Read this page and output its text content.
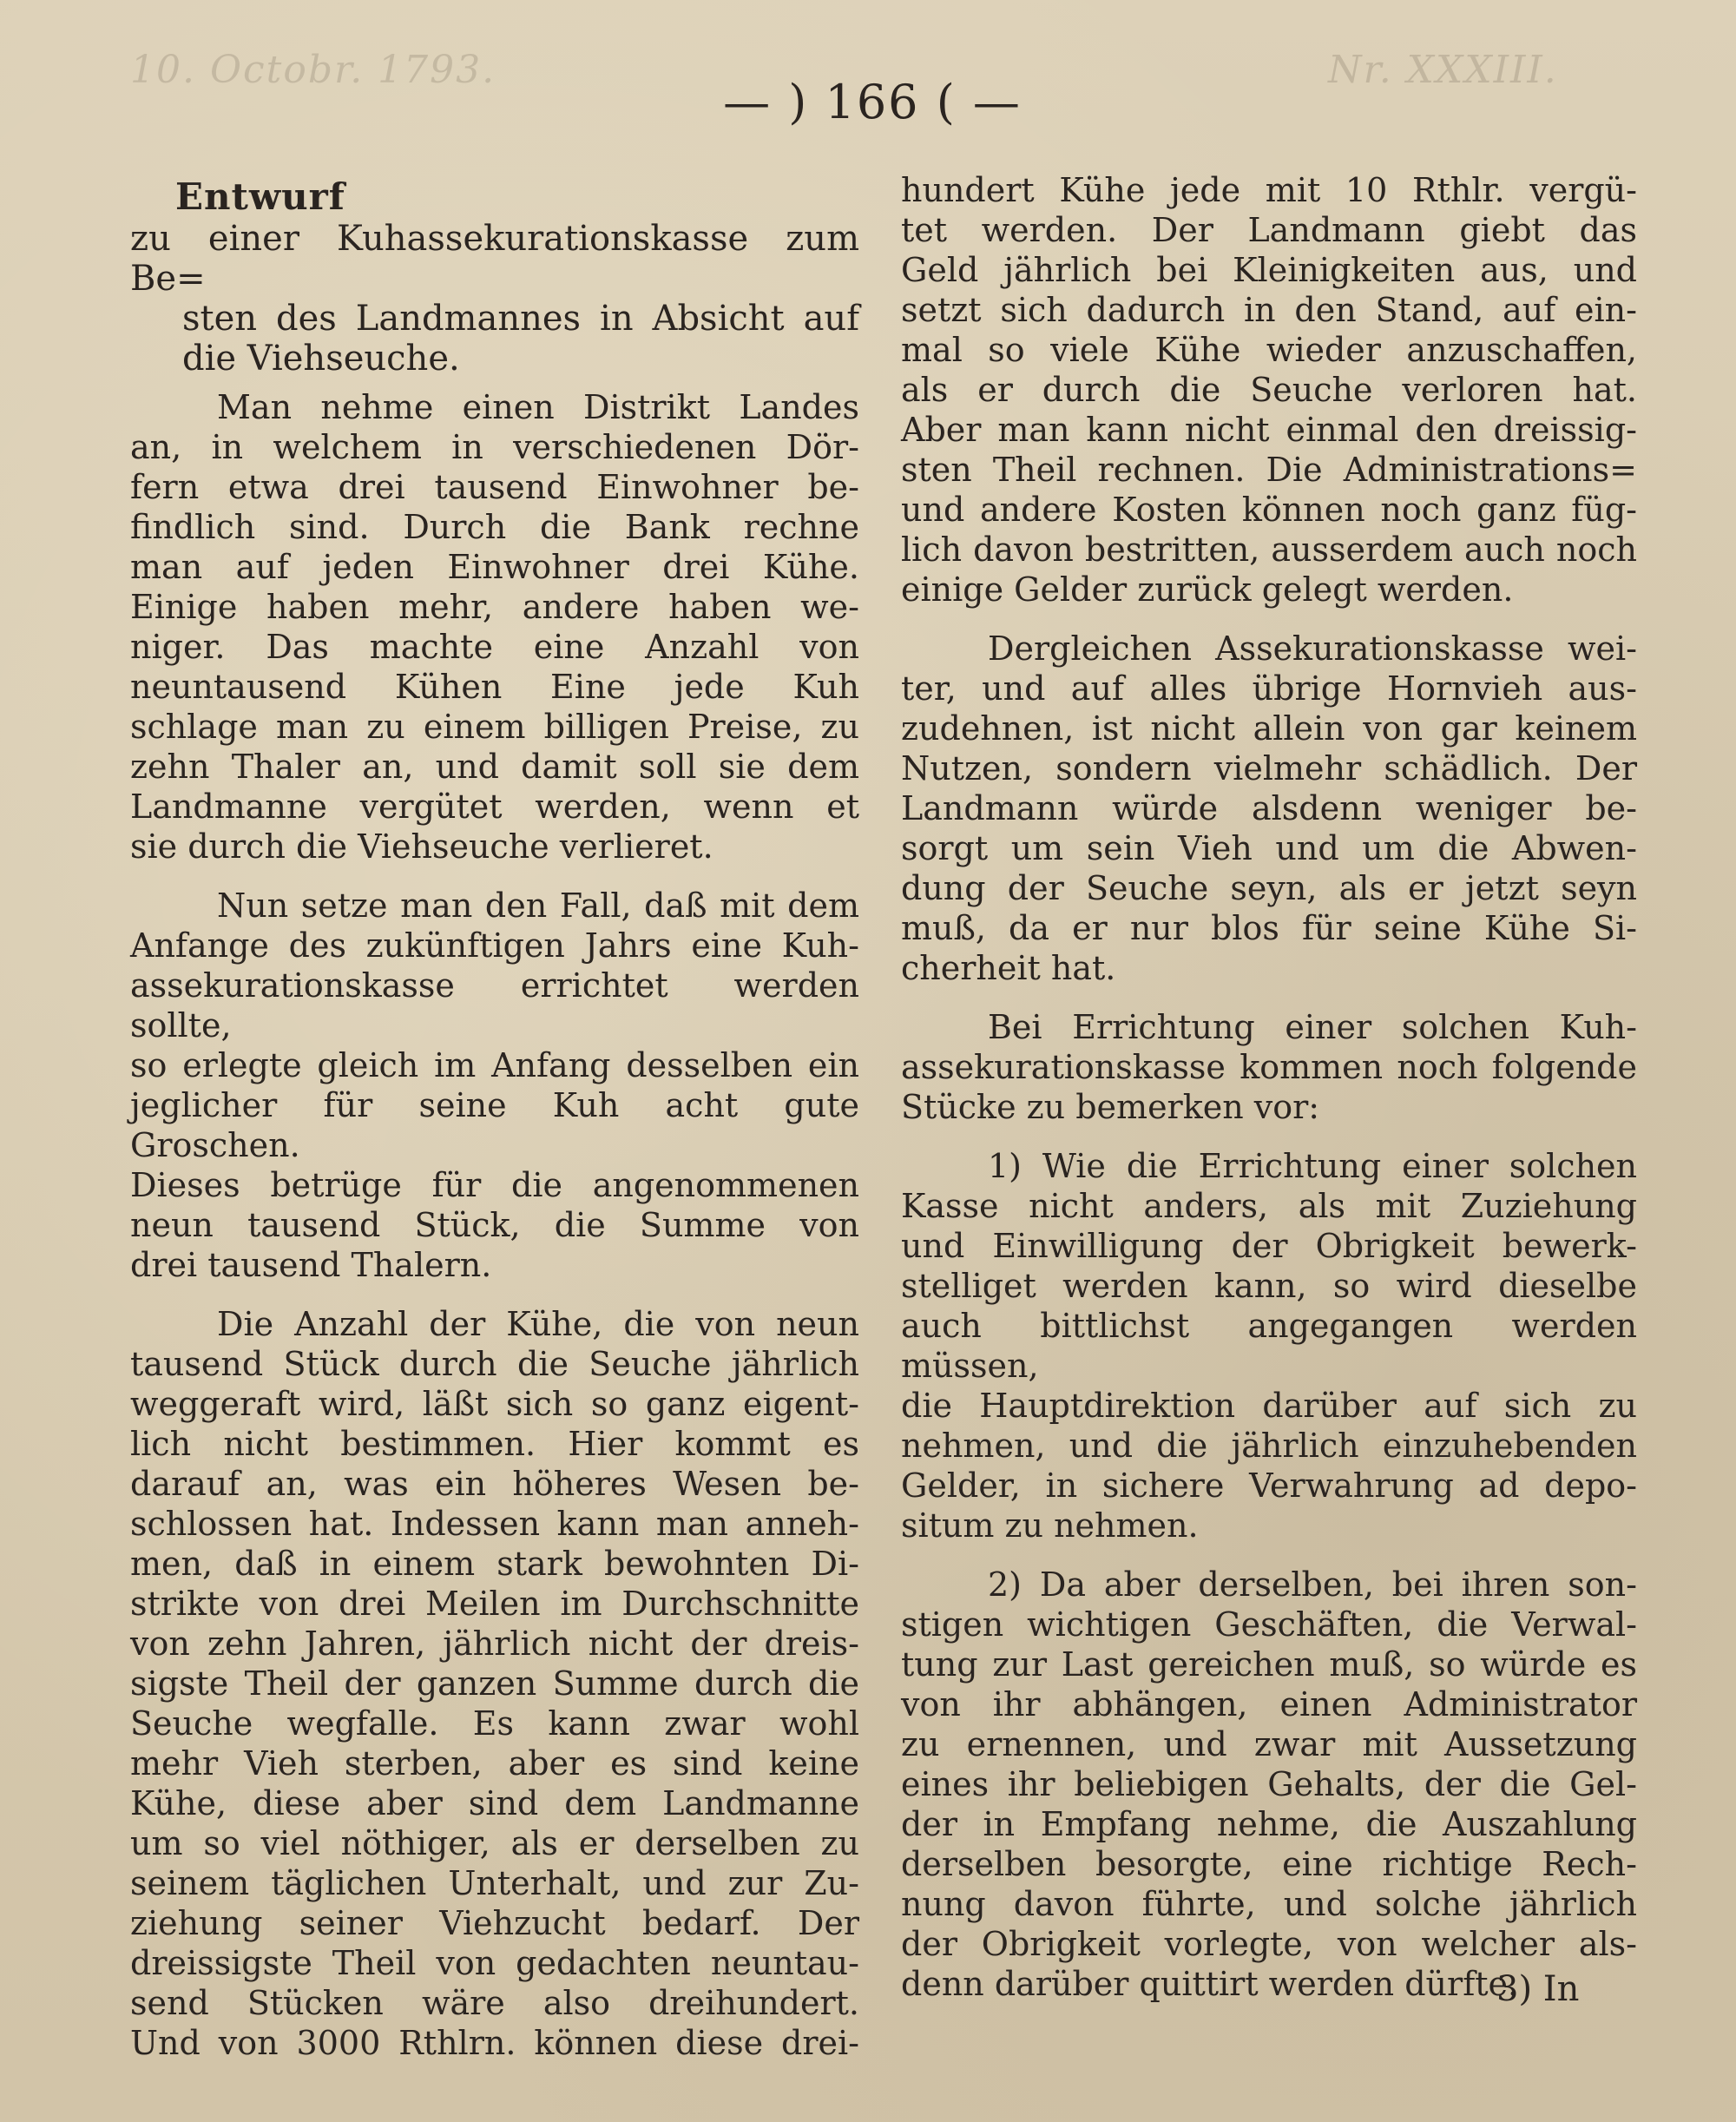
10. Octobr. 1793.	Nr. XXXIII.
— ) 166 ( —
Entwurf
zu einer Kuhassekurationskasse zum Be=
sten des Landmannes in Absicht auf
die Viehseuche.
Man nehme einen Distrikt Landes
an, in welchem in verschiedenen Dör-
fern etwa drei tausend Einwohner be-
findlich sind. Durch die Bank rechne
man auf jeden Einwohner drei Kühe.
Einige haben mehr, andere haben we-
niger. Das machte eine Anzahl von
neuntausend Kühen Eine jede Kuh
schlage man zu einem billigen Preise, zu
zehn Thaler an, und damit soll sie dem
Landmanne vergütet werden, wenn et
sie durch die Viehseuche verlieret.
Nun setze man den Fall, daß mit dem
Anfange des zukünftigen Jahrs eine Kuh-
assekurationskasse errichtet werden sollte,
so erlegte gleich im Anfang desselben ein
jeglicher für seine Kuh acht gute Groschen.
Dieses betrüge für die angenommenen
neun tausend Stück, die Summe von
drei tausend Thalern.
Die Anzahl der Kühe, die von neun
tausend Stück durch die Seuche jährlich
weggeraft wird, läßt sich so ganz eigent-
lich nicht bestimmen. Hier kommt es
darauf an, was ein höheres Wesen be-
schlossen hat. Indessen kann man anneh-
men, daß in einem stark bewohnten Di-
strikte von drei Meilen im Durchschnitte
von zehn Jahren, jährlich nicht der dreis-
sigste Theil der ganzen Summe durch die
Seuche wegfalle. Es kann zwar wohl
mehr Vieh sterben, aber es sind keine
Kühe, diese aber sind dem Landmanne
um so viel nöthiger, als er derselben zu
seinem täglichen Unterhalt, und zur Zu-
ziehung seiner Viehzucht bedarf. Der
dreissigste Theil von gedachten neuntau-
send Stücken wäre also dreihundert.
Und von 3000 Rthlrn. können diese drei-
hundert Kühe jede mit 10 Rthlr. vergü-
tet werden. Der Landmann giebt das
Geld jährlich bei Kleinigkeiten aus, und
setzt sich dadurch in den Stand, auf ein-
mal so viele Kühe wieder anzuschaffen,
als er durch die Seuche verloren hat.
Aber man kann nicht einmal den dreissig-
sten Theil rechnen. Die Administrations=
und andere Kosten können noch ganz füg-
lich davon bestritten, ausserdem auch noch
einige Gelder zurück gelegt werden.
Dergleichen Assekurationskasse wei-
ter, und auf alles übrige Hornvieh aus-
zudehnen, ist nicht allein von gar keinem
Nutzen, sondern vielmehr schädlich. Der
Landmann würde alsdenn weniger be-
sorgt um sein Vieh und um die Abwen-
dung der Seuche seyn, als er jetzt seyn
muß, da er nur blos für seine Kühe Si-
cherheit hat.
Bei Errichtung einer solchen Kuh-
assekurationskasse kommen noch folgende
Stücke zu bemerken vor:
1) Wie die Errichtung einer solchen
Kasse nicht anders, als mit Zuziehung
und Einwilligung der Obrigkeit bewerk-
stelliget werden kann, so wird dieselbe
auch bittlichst angegangen werden müssen,
die Hauptdirektion darüber auf sich zu
nehmen, und die jährlich einzuhebenden
Gelder, in sichere Verwahrung ad depo-
situm zu nehmen.
2) Da aber derselben, bei ihren son-
stigen wichtigen Geschäften, die Verwal-
tung zur Last gereichen muß, so würde es
von ihr abhängen, einen Administrator
zu ernennen, und zwar mit Aussetzung
eines ihr beliebigen Gehalts, der die Gel-
der in Empfang nehme, die Auszahlung
derselben besorgte, eine richtige Rech-
nung davon führte, und solche jährlich
der Obrigkeit vorlegte, von welcher als-
denn darüber quittirt werden dürfte.
3) In
